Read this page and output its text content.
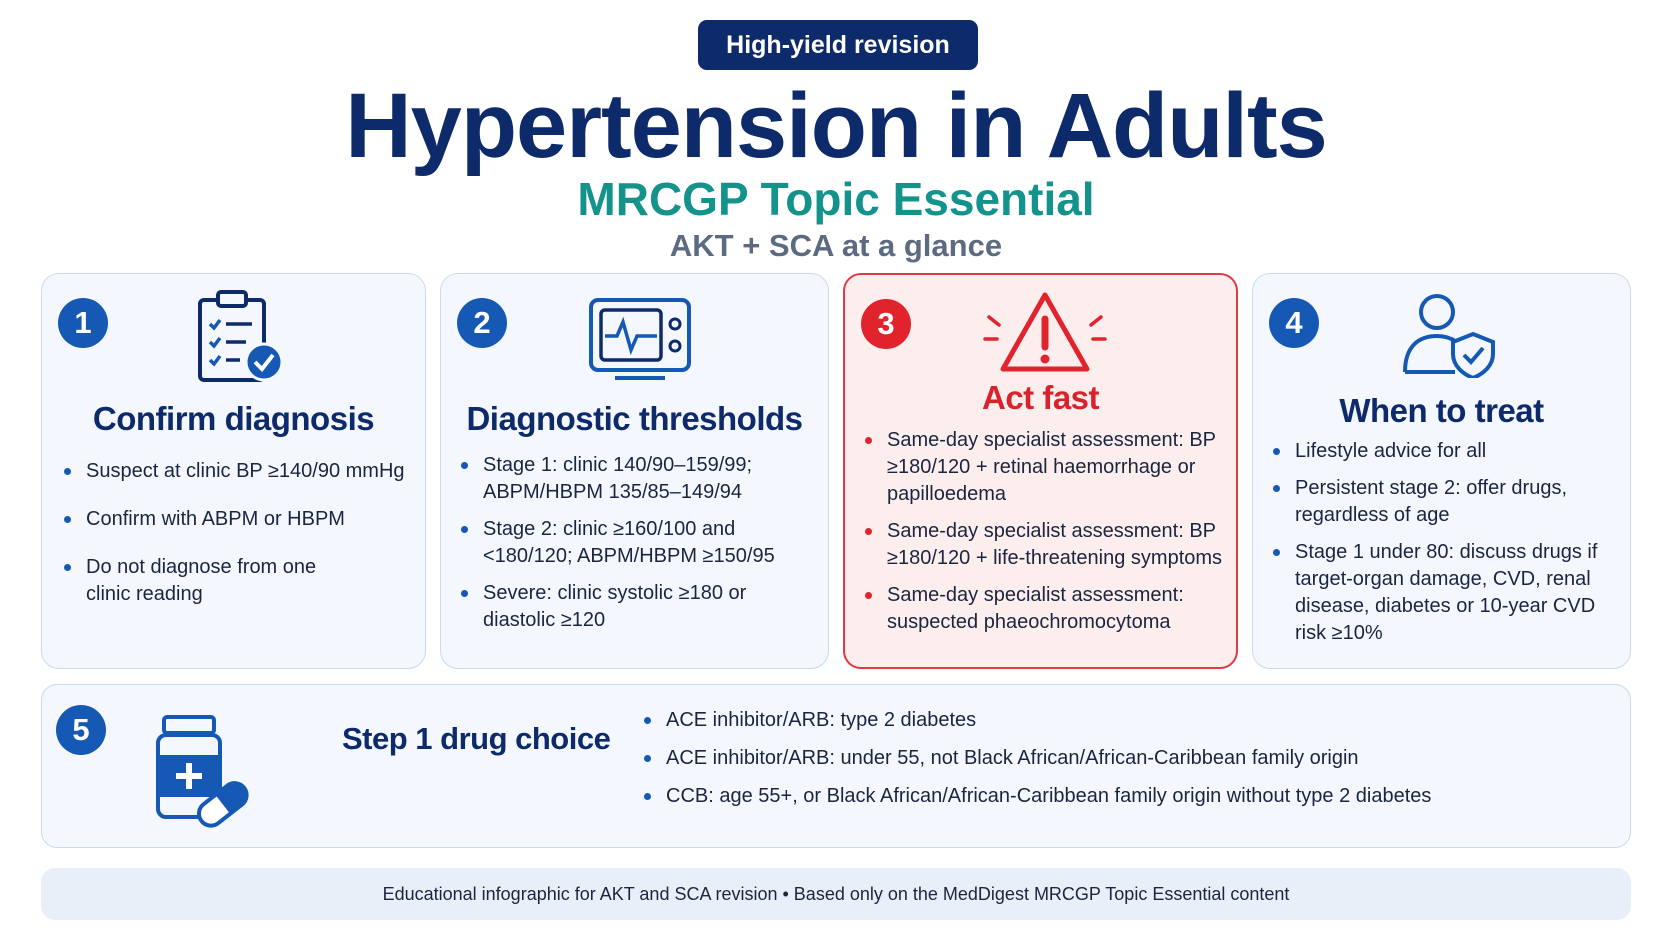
High-yield revision
Hypertension in Adults
MRCGP Topic Essential
AKT + SCA at a glance
1
Confirm diagnosis
Suspect at clinic BP ≥140/90 mmHg
Confirm with ABPM or HBPM
Do not diagnose from one clinic reading
2
Diagnostic thresholds
Stage 1: clinic 140/90–159/99; ABPM/HBPM 135/85–149/94
Stage 2: clinic ≥160/100 and <180/120; ABPM/HBPM ≥150/95
Severe: clinic systolic ≥180 or diastolic ≥120
3
Act fast
Same-day specialist assessment: BP ≥180/120 + retinal haemorrhage or papilloedema
Same-day specialist assessment: BP ≥180/120 + life-threatening symptoms
Same-day specialist assessment: suspected phaeochromocytoma
4
When to treat
Lifestyle advice for all
Persistent stage 2: offer drugs, regardless of age
Stage 1 under 80: discuss drugs if target-organ damage, CVD, renal disease, diabetes or 10-year CVD risk ≥10%
5	Step 1 drug choice
ACE inhibitor/ARB: type 2 diabetes
ACE inhibitor/ARB: under 55, not Black African/African-Caribbean family origin
CCB: age 55+, or Black African/African-Caribbean family origin without type 2 diabetes
Educational infographic for AKT and SCA revision • Based only on the MedDigest MRCGP Topic Essential content
